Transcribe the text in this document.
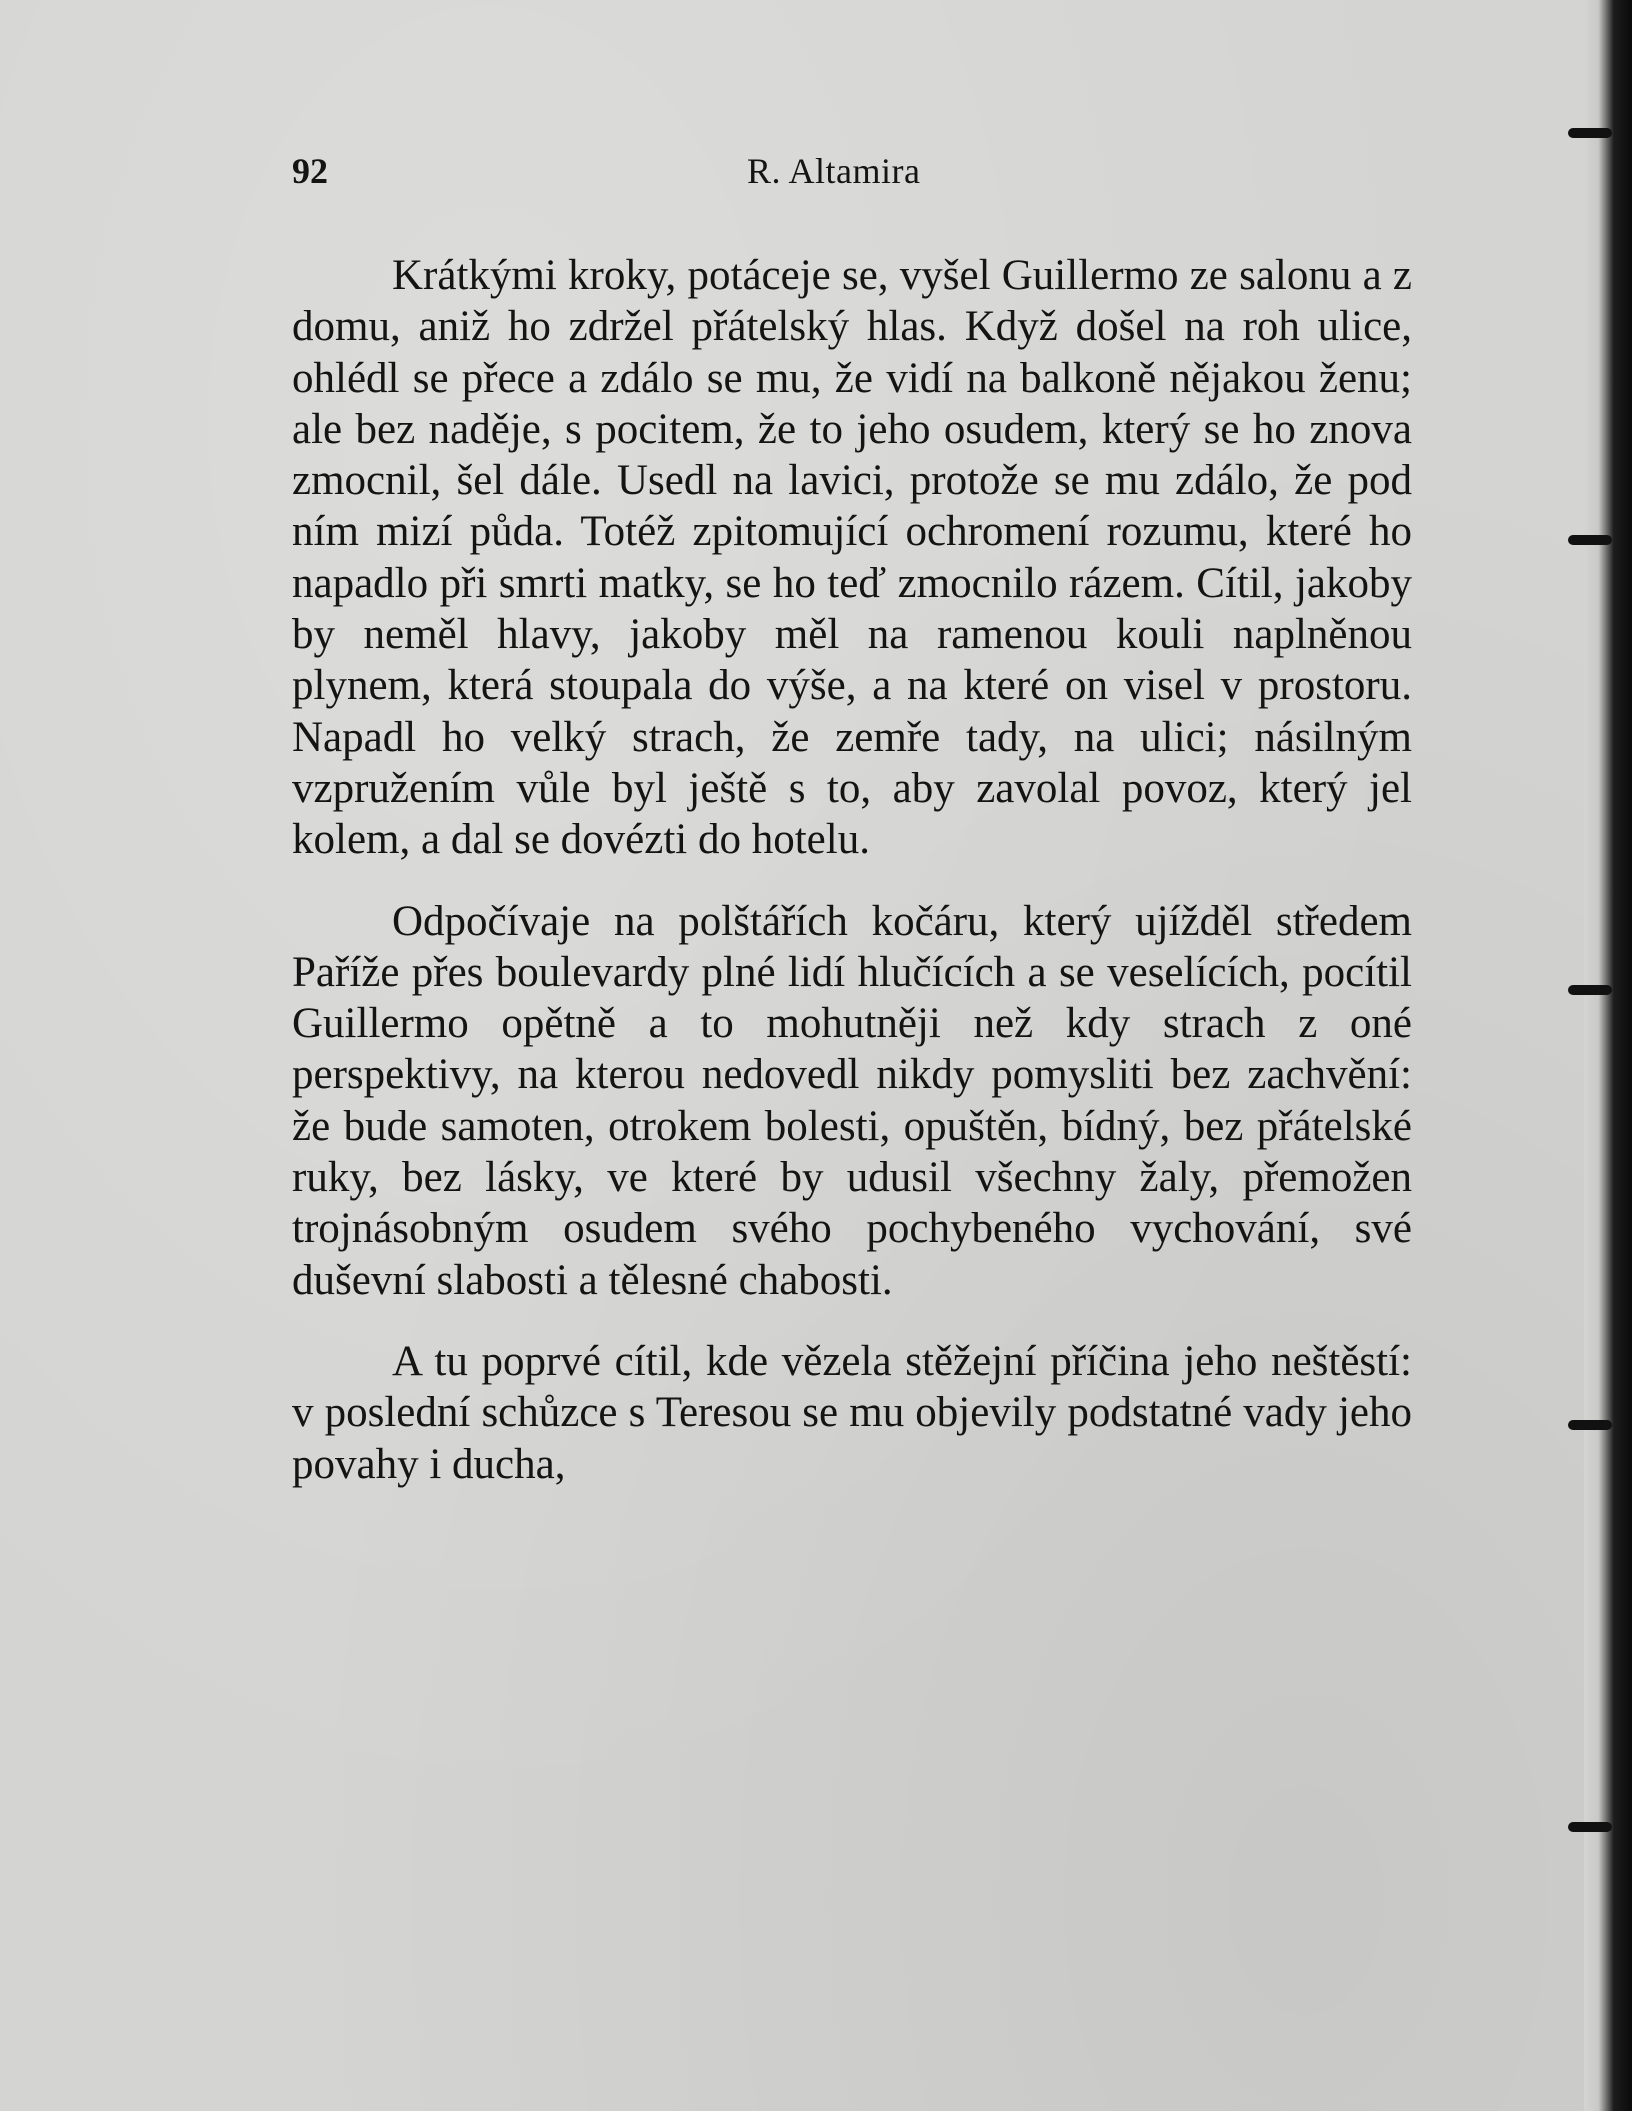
92	R. Altamira

Krátkými kroky, potáceje se, vyšel Guillermo ze salonu a z domu, aniž ho zdržel přátelský hlas. Když došel na roh ulice, ohlédl se přece a zdálo se mu, že vidí na balkoně nějakou ženu; ale bez naděje, s pocitem, že to jeho osudem, který se ho znova zmocnil, šel dále. Usedl na lavici, protože se mu zdálo, že pod ním mizí půda. Totéž zpitomující ochromení rozumu, které ho napadlo při smrti matky, se ho teď zmocnilo rázem. Cítil, jakoby by neměl hlavy, jakoby měl na ramenou kouli naplněnou plynem, která stoupala do výše, a na které on visel v prostoru. Napadl ho velký strach, že zemře tady, na ulici; násilným vzpružením vůle byl ještě s to, aby zavolal povoz, který jel kolem, a dal se dovézti do hotelu.

Odpočívaje na polštářích kočáru, který ujížděl středem Paříže přes boulevardy plné lidí hlučících a se veselících, pocítil Guillermo opětně a to mohutněji než kdy strach z oné perspektivy, na kterou nedovedl nikdy pomysliti bez zachvění: že bude samoten, otrokem bolesti, opuštěn, bídný, bez přátelské ruky, bez lásky, ve které by udusil všechny žaly, přemožen trojnásobným osudem svého pochybeného vychování, své duševní slabosti a tělesné chabosti.

A tu poprvé cítil, kde vězela stěžejní příčina jeho neštěstí: v poslední schůzce s Teresou se mu objevily podstatné vady jeho povahy i ducha,
